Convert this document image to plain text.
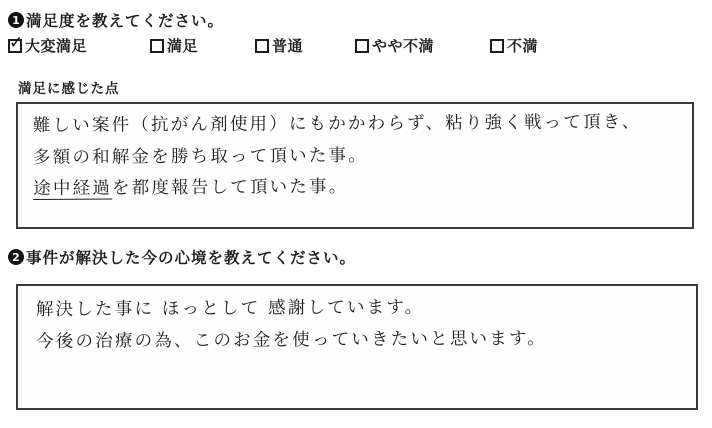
1 満足度を教えてください。
✓ 大変満足	満足	普通	やや不満	不満
満足に感じた点
難しい案件（抗がん剤使用）にもかかわらず、粘り強く戦って頂き、
多額の和解金を勝ち取って頂いた事。
途中経過を都度報告して頂いた事。
2 事件が解決した今の心境を教えてください。
解決した事に ほっとして 感謝しています。
今後の治療の為、このお金を使っていきたいと思います。
